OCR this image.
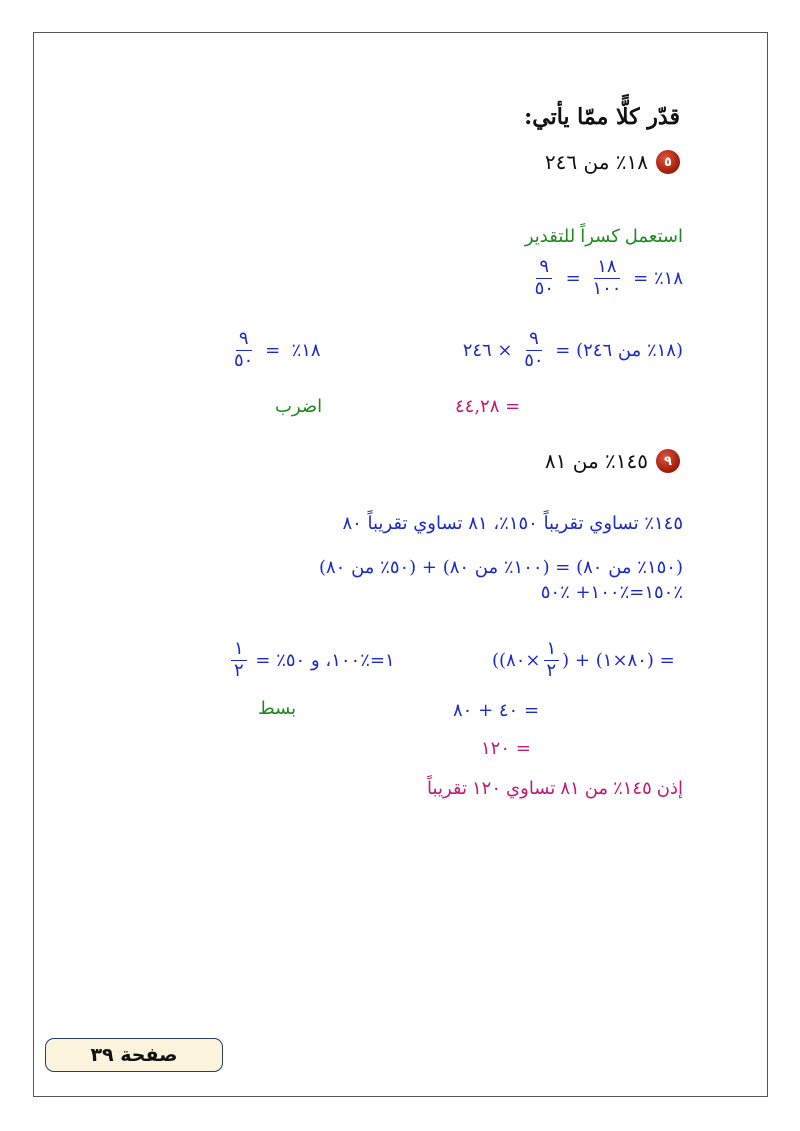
قدّر كلًّا ممّا يأتي:
٥
١٨٪ من ٢٤٦
استعمل كسراً للتقدير
$\frac{٩}{٥٠} = \frac{١٨}{١٠٠}$ = ٪١٨
$\frac{٩}{٥٠}$ = ٪١٨	٢٤٦ × $\frac{٩}{٥٠}$ = (١٨٪ من ٢٤٦)
٤٤,٢٨ =
اضرب
٩
١٤٥٪ من ٨١
١٤٥٪ تساوي تقريباً ١٥٠٪، ٨١ تساوي تقريباً ٨٠
(١٥٠٪ من ٨٠) = (١٠٠٪ من ٨٠) + (٥٠٪ من ٨٠)
٪١٥٠=٪١٠٠+ ٪٥٠
$\frac{١}{٢}$ = ٪٥٠
١=٪١٠٠، و	( (٨٠× $\frac{١}{٢}$ ) + (٨٠×١) =
٤٠ + ٨٠ =
بسط
١٢٠ =
إذن ١٤٥٪ من ٨١ تساوي ١٢٠ تقريباً
صفحة ٣٩
